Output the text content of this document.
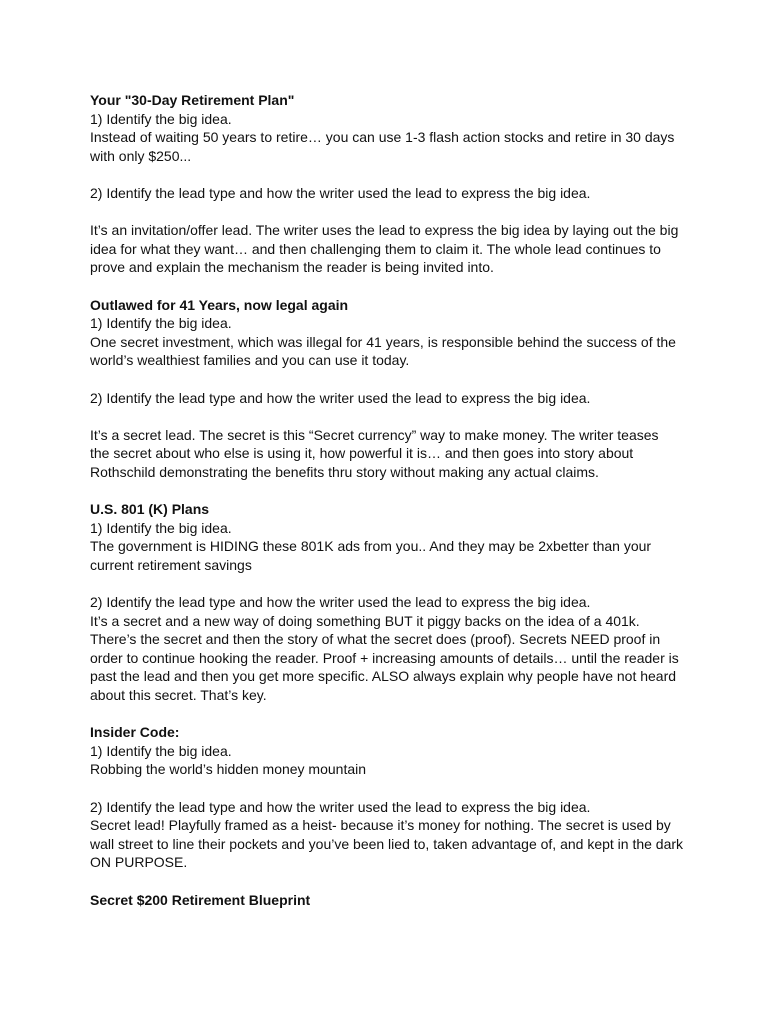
Your "30-Day Retirement Plan"

1) Identify the big idea.

Instead of waiting 50 years to retire… you can use 1-3 flash action stocks and retire in 30 days

with only $250...

2) Identify the lead type and how the writer used the lead to express the big idea.

It’s an invitation/offer lead. The writer uses the lead to express the big idea by laying out the big

idea for what they want… and then challenging them to claim it. The whole lead continues to

prove and explain the mechanism the reader is being invited into.

Outlawed for 41 Years, now legal again

1) Identify the big idea.

One secret investment, which was illegal for 41 years, is responsible behind the success of the

world’s wealthiest families and you can use it today.

2) Identify the lead type and how the writer used the lead to express the big idea.

It’s a secret lead. The secret is this “Secret currency” way to make money. The writer teases

the secret about who else is using it, how powerful it is… and then goes into story about

Rothschild demonstrating the benefits thru story without making any actual claims.

U.S. 801 (K) Plans

1) Identify the big idea.

The government is HIDING these 801K ads from you.. And they may be 2xbetter than your

current retirement savings

2) Identify the lead type and how the writer used the lead to express the big idea.

It’s a secret and a new way of doing something BUT it piggy backs on the idea of a 401k.

There’s the secret and then the story of what the secret does (proof). Secrets NEED proof in

order to continue hooking the reader. Proof + increasing amounts of details… until the reader is

past the lead and then you get more specific. ALSO always explain why people have not heard

about this secret. That’s key.

Insider Code:

1) Identify the big idea.

Robbing the world’s hidden money mountain

2) Identify the lead type and how the writer used the lead to express the big idea.

Secret lead! Playfully framed as a heist- because it’s money for nothing. The secret is used by

wall street to line their pockets and you’ve been lied to, taken advantage of, and kept in the dark

ON PURPOSE.

Secret $200 Retirement Blueprint
